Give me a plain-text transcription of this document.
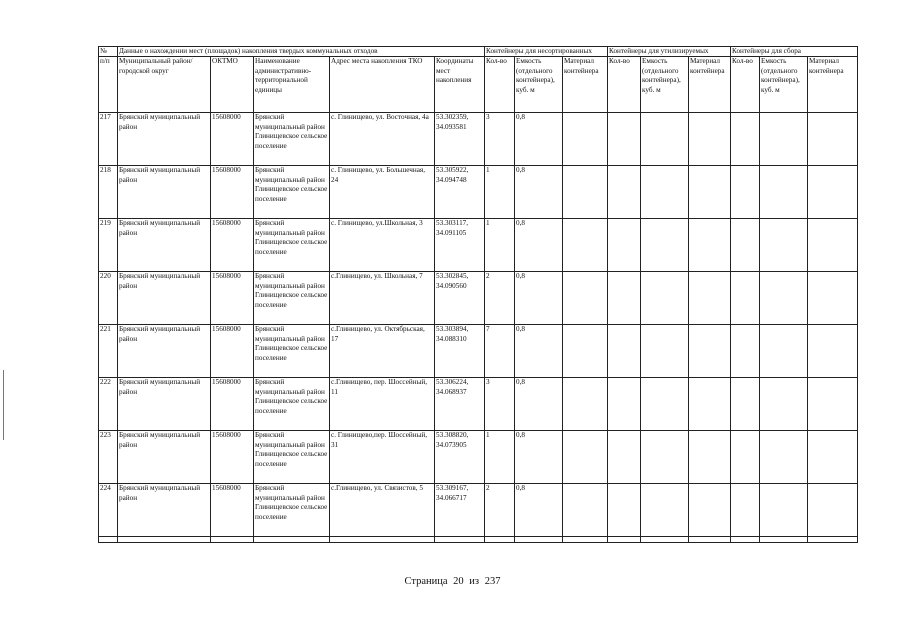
№	Данные о нахождении мест (площадок) накопления твердых коммунальных отходов					Контейнеры для несортированных			Контейнеры для утилизируемых			Контейнеры для сбора		
п/п	Муниципальный район/городской округ	ОКТМО	Наименование административно-территориальной единицы	Адрес места накопления ТКО	Координаты мест накопления	Кол-во	Емкость (отдельного контейнера), куб. м	Материал контейнера	Кол-во	Емкость (отдельного контейнера), куб. м	Материал контейнера	Кол-во	Емкость (отдельного контейнера), куб. м	Материал контейнера
217	Брянский муниципальный район	15608000	Брянский муниципальный район Глинищевское сельское поселение	с. Глинищево, ул. Восточная, 4а	53.302359, 34.093581	3	0,8							
218	Брянский муниципальный район	15608000	Брянский муниципальный район Глинищевское сельское поселение	с. Глинищево, ул. Большечная, 24	53.305922, 34.094748	1	0,8							
219	Брянский муниципальный район	15608000	Брянский муниципальный район Глинищевское сельское поселение	с. Глинищево, ул.Школьная, 3	53.303117, 34.091105	1	0,8							
220	Брянский муниципальный район	15608000	Брянский муниципальный район Глинищевское сельское поселение	с.Глинищево, ул. Школьная, 7	53.302845, 34.090560	2	0,8							
221	Брянский муниципальный район	15608000	Брянский муниципальный район Глинищевское сельское поселение	с.Глинищево, ул. Октябрьская, 17	53.303894, 34.088310	7	0,8							
222	Брянский муниципальный район	15608000	Брянский муниципальный район Глинищевское сельское поселение	с.Глинищево, пер. Шоссейный, 11	53.306224, 34.068937	3	0,8							
223	Брянский муниципальный район	15608000	Брянский муниципальный район Глинищевское сельское поселение	с. Глинищево,пер. Шоссейный, 31	53.308820, 34.073905	1	0,8							
224	Брянский муниципальный район	15608000	Брянский муниципальный район Глинищевское сельское поселение	с.Глинищево, ул. Связистов, 5	53.309167, 34.066717	2	0,8							

Страница 20 из 237
